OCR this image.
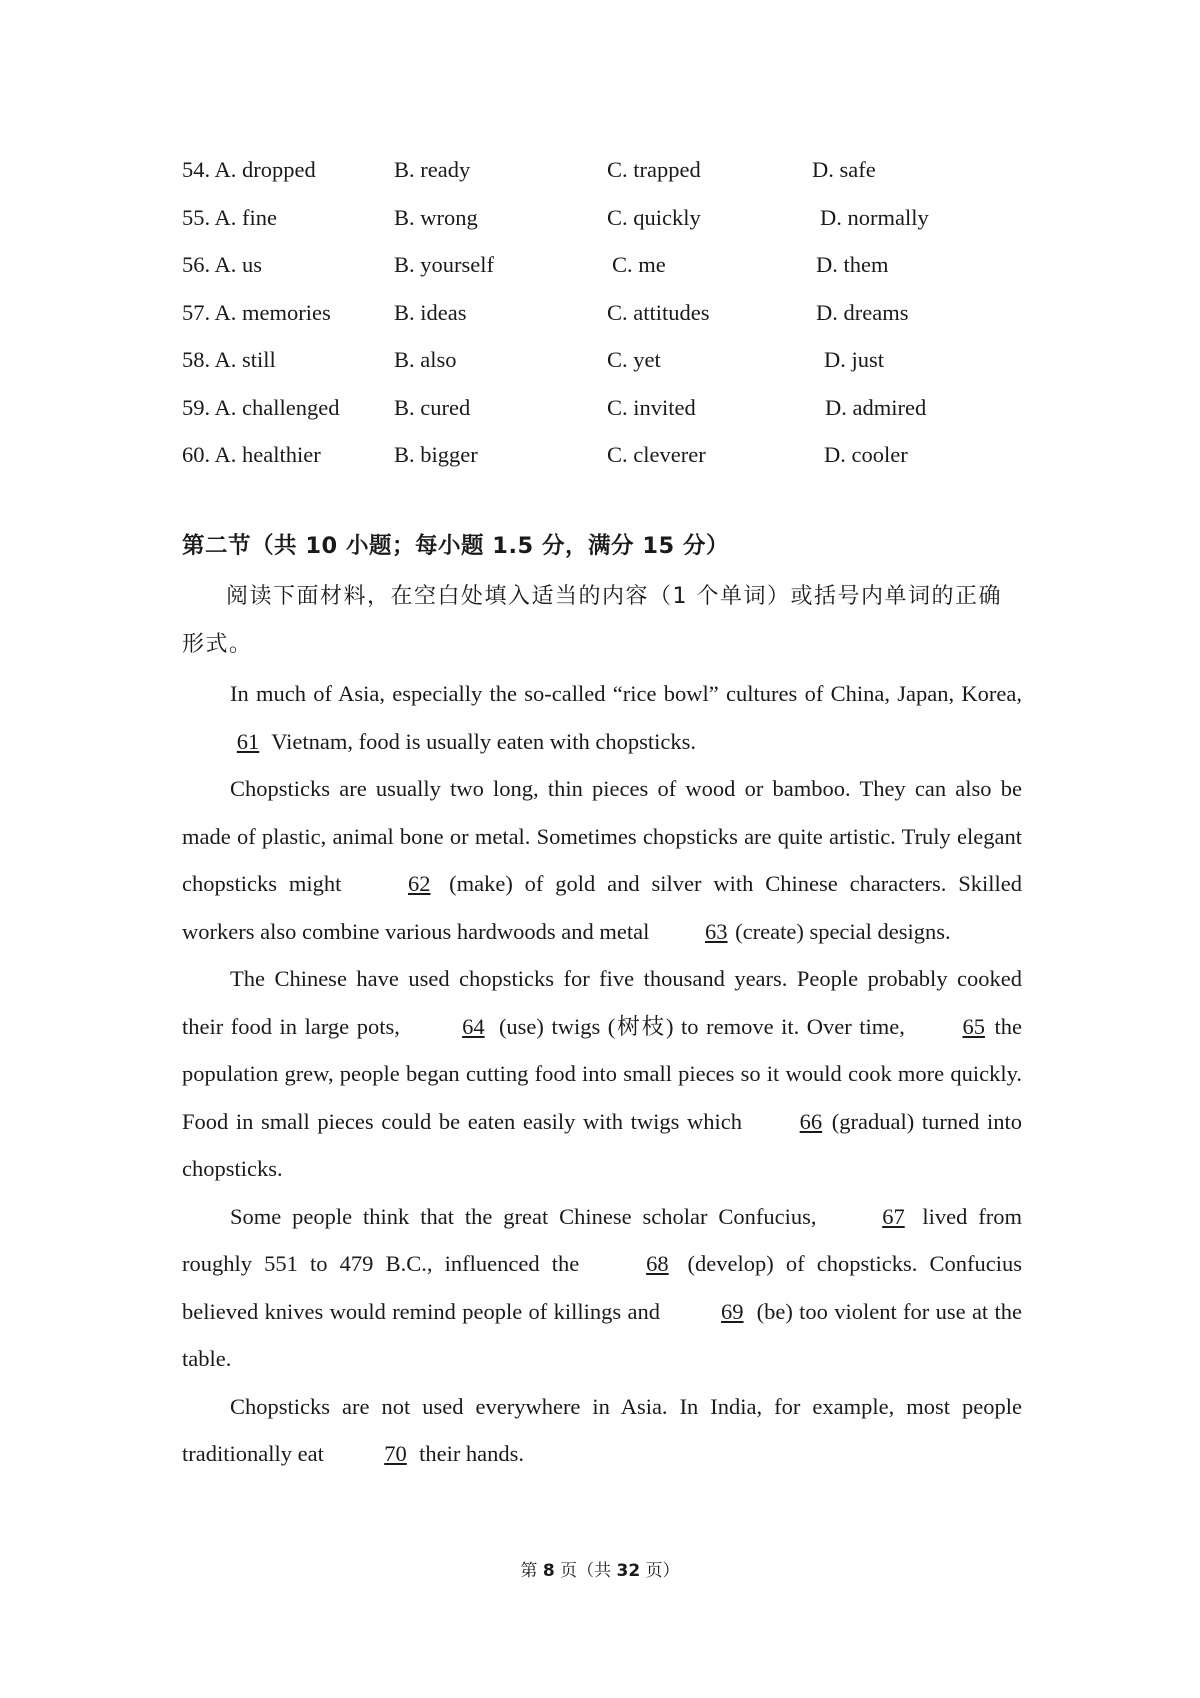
54. A. dropped	B. ready	C. trapped	D. safe
55. A. fine	B. wrong	C. quickly	D. normally
56. A. us	B. yourself	C. me	D. them
57. A. memories	B. ideas	C. attitudes	D. dreams
58. A. still	B. also	C. yet	D. just
59. A. challenged B. cured	C. invited	D. admired
60. A. healthier	B. bigger	C. cleverer	D. cooler
第二节（共 10 小题；每小题 1.5 分，满分 15 分）
阅读下面材料，在空白处填入适当的内容（1 个单词）或括号内单词的正确形式。

In much of Asia, especially the so-called “rice bowl” cultures of China, Japan, Korea, 61 Vietnam, food is usually eaten with chopsticks.

Chopsticks are usually two long, thin pieces of wood or bamboo. They can also be made of plastic, animal bone or metal. Sometimes chopsticks are quite artistic. Truly elegant chopsticks might	62 (make) of gold and silver with Chinese characters. Skilled workers also combine various hardwoods and metal 63 (create) special designs.

The Chinese have used chopsticks for five thousand years. People probably cooked their food in large pots,	64 (use) twigs (树枝) to remove it. Over time,	65 the population grew, people began cutting food into small pieces so it would cook more quickly. Food in small pieces could be eaten easily with twigs which	66 (gradual) turned into chopsticks.

Some people think that the great Chinese scholar Confucius,	67 lived from roughly 551 to 479 B.C., influenced the	68 (develop) of chopsticks. Confucius believed knives would remind people of killings and	69 (be) too violent for use at the table.

Chopsticks are not used everywhere in Asia. In India, for example, most people traditionally eat	70 their hands.

第 8 页（共 32 页）
